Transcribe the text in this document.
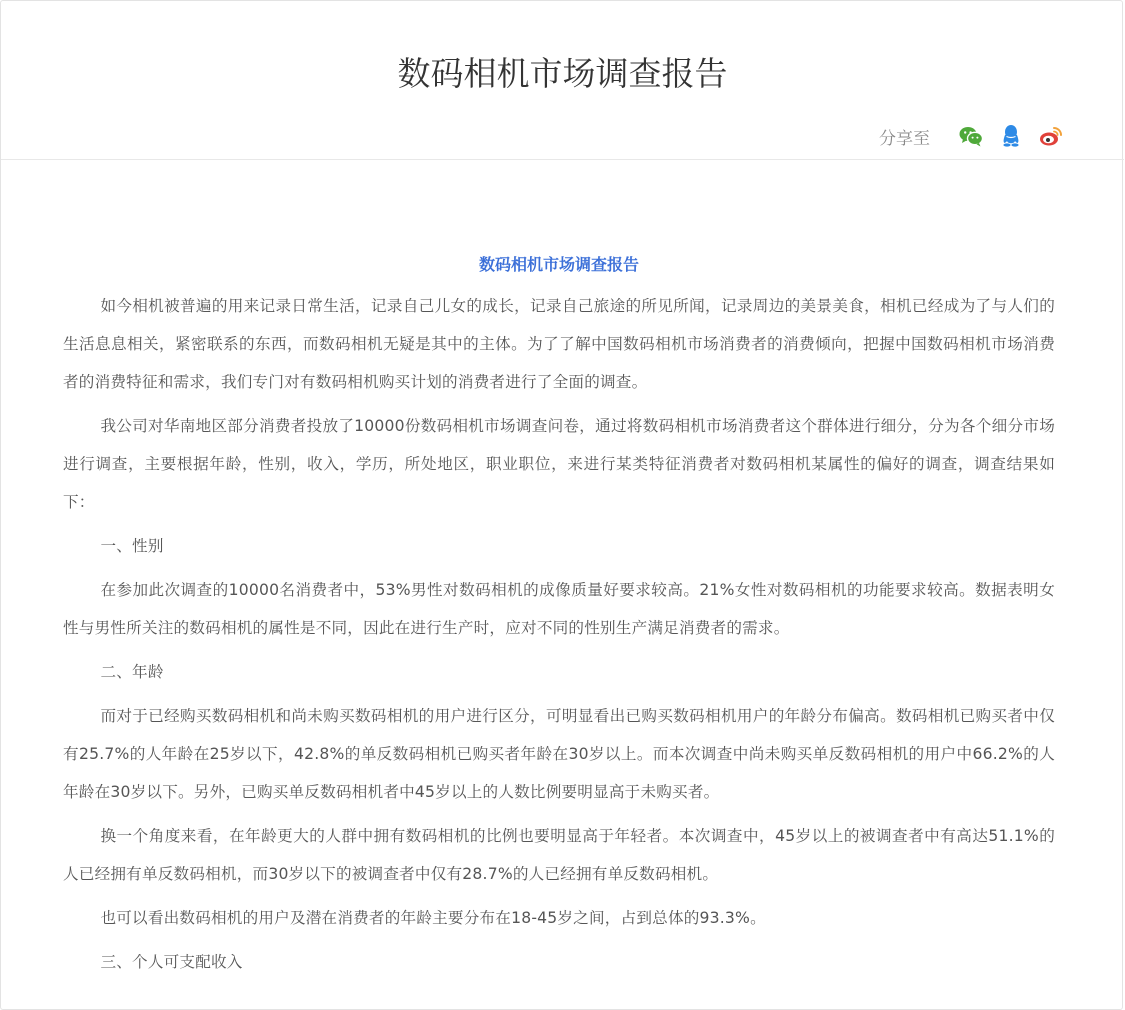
数码相机市场调查报告
分享至
数码相机市场调查报告

如今相机被普遍的用来记录日常生活，记录自己儿女的成长，记录自己旅途的所见所闻，记录周边的美景美食，相机已经成为了与人们的生活息息相关，紧密联系的东西，而数码相机无疑是其中的主体。为了了解中国数码相机市场消费者的消费倾向，把握中国数码相机市场消费者的消费特征和需求，我们专门对有数码相机购买计划的消费者进行了全面的调查。

我公司对华南地区部分消费者投放了10000份数码相机市场调查问卷，通过将数码相机市场消费者这个群体进行细分，分为各个细分市场进行调查，主要根据年龄，性别，收入，学历，所处地区，职业职位，来进行某类特征消费者对数码相机某属性的偏好的调查，调查结果如下：

一、性别

在参加此次调查的10000名消费者中，53%男性对数码相机的成像质量好要求较高。21%女性对数码相机的功能要求较高。数据表明女性与男性所关注的数码相机的属性是不同，因此在进行生产时，应对不同的性别生产满足消费者的需求。

二、年龄

而对于已经购买数码相机和尚未购买数码相机的用户进行区分，可明显看出已购买数码相机用户的年龄分布偏高。数码相机已购买者中仅有25.7%的人年龄在25岁以下，42.8%的单反数码相机已购买者年龄在30岁以上。而本次调查中尚未购买单反数码相机的用户中66.2%的人年龄在30岁以下。另外，已购买单反数码相机者中45岁以上的人数比例要明显高于未购买者。

换一个角度来看，在年龄更大的人群中拥有数码相机的比例也要明显高于年轻者。本次调查中，45岁以上的被调查者中有高达51.1%的人已经拥有单反数码相机，而30岁以下的被调查者中仅有28.7%的人已经拥有单反数码相机。

也可以看出数码相机的用户及潜在消费者的年龄主要分布在18-45岁之间，占到总体的93.3%。

三、个人可支配收入
